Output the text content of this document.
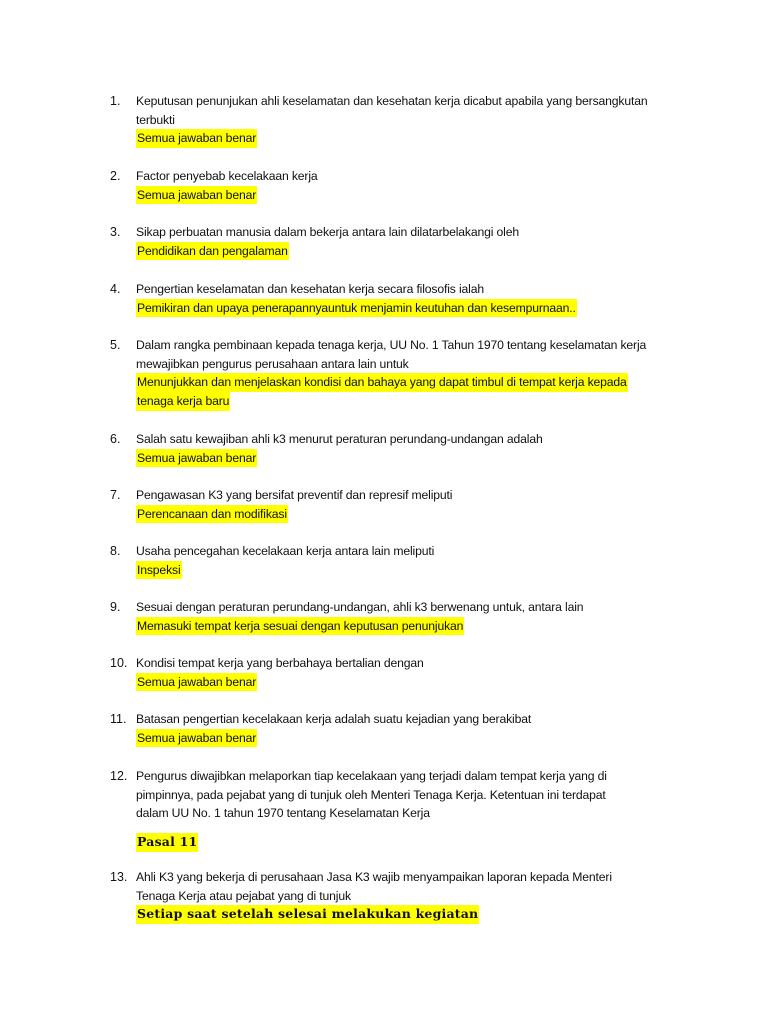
1. Keputusan penunjukan ahli keselamatan dan kesehatan kerja dicabut apabila yang bersangkutan
terbukti
Semua jawaban benar
2. Factor penyebab kecelakaan kerja
Semua jawaban benar
3. Sikap perbuatan manusia dalam bekerja antara lain dilatarbelakangi oleh
Pendidikan dan pengalaman
4. Pengertian keselamatan dan kesehatan kerja secara filosofis ialah
Pemikiran dan upaya penerapannyauntuk menjamin keutuhan dan kesempurnaan..
5. Dalam rangka pembinaan kepada tenaga kerja, UU No. 1 Tahun 1970 tentang keselamatan kerja
mewajibkan pengurus perusahaan antara lain untuk
Menunjukkan dan menjelaskan kondisi dan bahaya yang dapat timbul di tempat kerja kepada
tenaga kerja baru
6. Salah satu kewajiban ahli k3 menurut peraturan perundang-undangan adalah
Semua jawaban benar
7. Pengawasan K3 yang bersifat preventif dan represif meliputi
Perencanaan dan modifikasi
8. Usaha pencegahan kecelakaan kerja antara lain meliputi
Inspeksi
9. Sesuai dengan peraturan perundang-undangan, ahli k3 berwenang untuk, antara lain
Memasuki tempat kerja sesuai dengan keputusan penunjukan
10. Kondisi tempat kerja yang berbahaya bertalian dengan
Semua jawaban benar
11. Batasan pengertian kecelakaan kerja adalah suatu kejadian yang berakibat
Semua jawaban benar
12. Pengurus diwajibkan melaporkan tiap kecelakaan yang terjadi dalam tempat kerja yang di
pimpinnya, pada pejabat yang di tunjuk oleh Menteri Tenaga Kerja. Ketentuan ini terdapat
dalam UU No. 1 tahun 1970 tentang Keselamatan Kerja
Pasal 11
13. Ahli K3 yang bekerja di perusahaan Jasa K3 wajib menyampaikan laporan kepada Menteri
Tenaga Kerja atau pejabat yang di tunjuk
Setiap saat setelah selesai melakukan kegiatan
